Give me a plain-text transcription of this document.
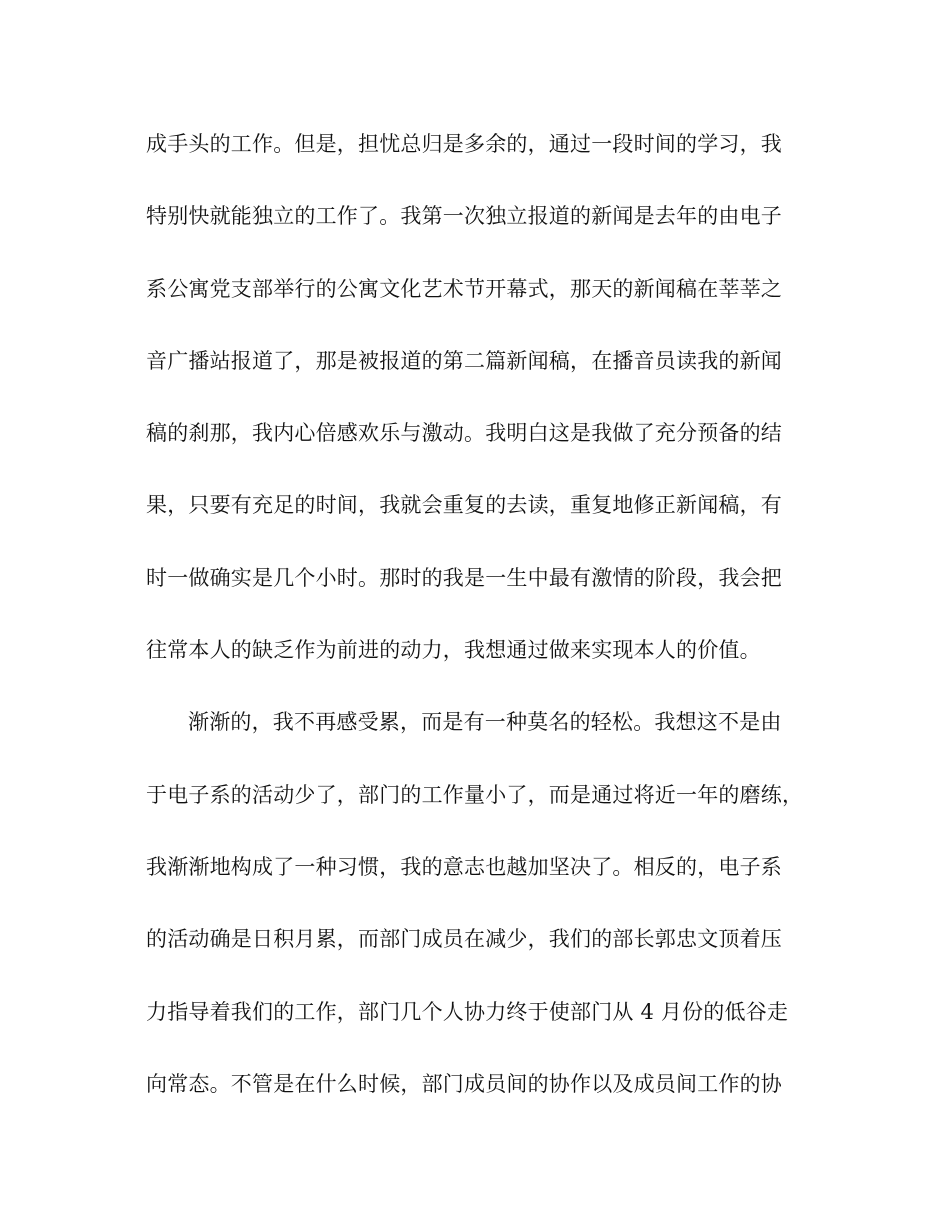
成手头的工作。但是，担忧总归是多余的，通过一段时间的学习，我
特别快就能独立的工作了。我第一次独立报道的新闻是去年的由电子
系公寓党支部举行的公寓文化艺术节开幕式，那天的新闻稿在莘莘之
音广播站报道了，那是被报道的第二篇新闻稿，在播音员读我的新闻
稿的刹那，我内心倍感欢乐与激动。我明白这是我做了充分预备的结
果，只要有充足的时间，我就会重复的去读，重复地修正新闻稿，有
时一做确实是几个小时。那时的我是一生中最有激情的阶段，我会把
往常本人的缺乏作为前进的动力，我想通过做来实现本人的价值。
渐渐的，我不再感受累，而是有一种莫名的轻松。我想这不是由
于电子系的活动少了，部门的工作量小了，而是通过将近一年的磨练，
我渐渐地构成了一种习惯，我的意志也越加坚决了。相反的，电子系
的活动确是日积月累，而部门成员在减少，我们的部长郭忠文顶着压
力指导着我们的工作，部门几个人协力终于使部门从 4 月份的低谷走
向常态。不管是在什么时候，部门成员间的协作以及成员间工作的协
